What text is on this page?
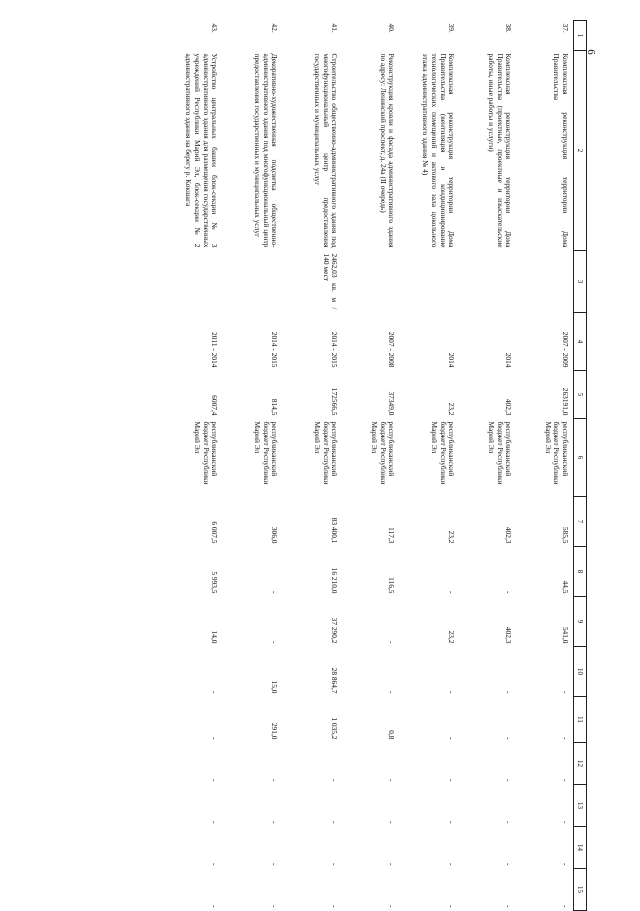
6
1	2	3	4	5	6	7	8	9	10	11	12	13	14	15
37.	Комплексная реконструкция территории Дома Правительства		2007 - 2009	263191,0	республиканский бюджет Республики Марий Эл	585,5	44,5	541,0	-	-	-	-	-	-
38.	Комплексная реконструкция территории Дома Правительства (проектные, проектные и изыскательские работы, иные работы и услуги)		2014	402,3	республиканский бюджет Республики Марий Эл	402,3	-	402,3	-	-	-	-	-	-
39.	Комплексная реконструкция территории Дома Правительства (вентиляция и кондиционирование технологических помещений и актового зала цокольного этажа административного здания № 4)		2014	23,2	республиканский бюджет Республики Марий Эл	23,2	-	23,2	-	-	-	-	-	-
40.	Реконструкция кровли и фасада административного здания по адресу: Ленинский проспект, д. 24а (II очередь)		2007 - 2008	37349,0	республиканский бюджет Республики Марий Эл	117,3	116,5	-	-	0,8	-	-	-	-
41.	Строительство общественно-административного здания под многофункциональный центр предоставления государственных и муниципальных услуг	2462,03 кв. м / 140 мест	2014 - 2015	172566,5	республиканский бюджет Республики Марий Эл	83 400,1	16 210,0	37 290,2	28 864,7	1 035,2	-	-	-	-
42.	Декоративно-художественная подсветка общественно-административного здания под многофункциональный центр предоставления государственных и муниципальных услуг		2014 - 2015	814,5	республиканский бюджет Республики Марий Эл	306,0	-	-	15,0	291,0	-	-	-	-
43.	Устройство центральных башен блок-секции № 3 административного здания для размещения государственных учреждений Республики Марий Эл, блок-секции № 2 административного здания на берегу р. Кокшага		2011 - 2014	6007,4	республиканский бюджет Республики Марий Эл	6 007,5	5 993,5	14,0	-	-	-	-	-	-
